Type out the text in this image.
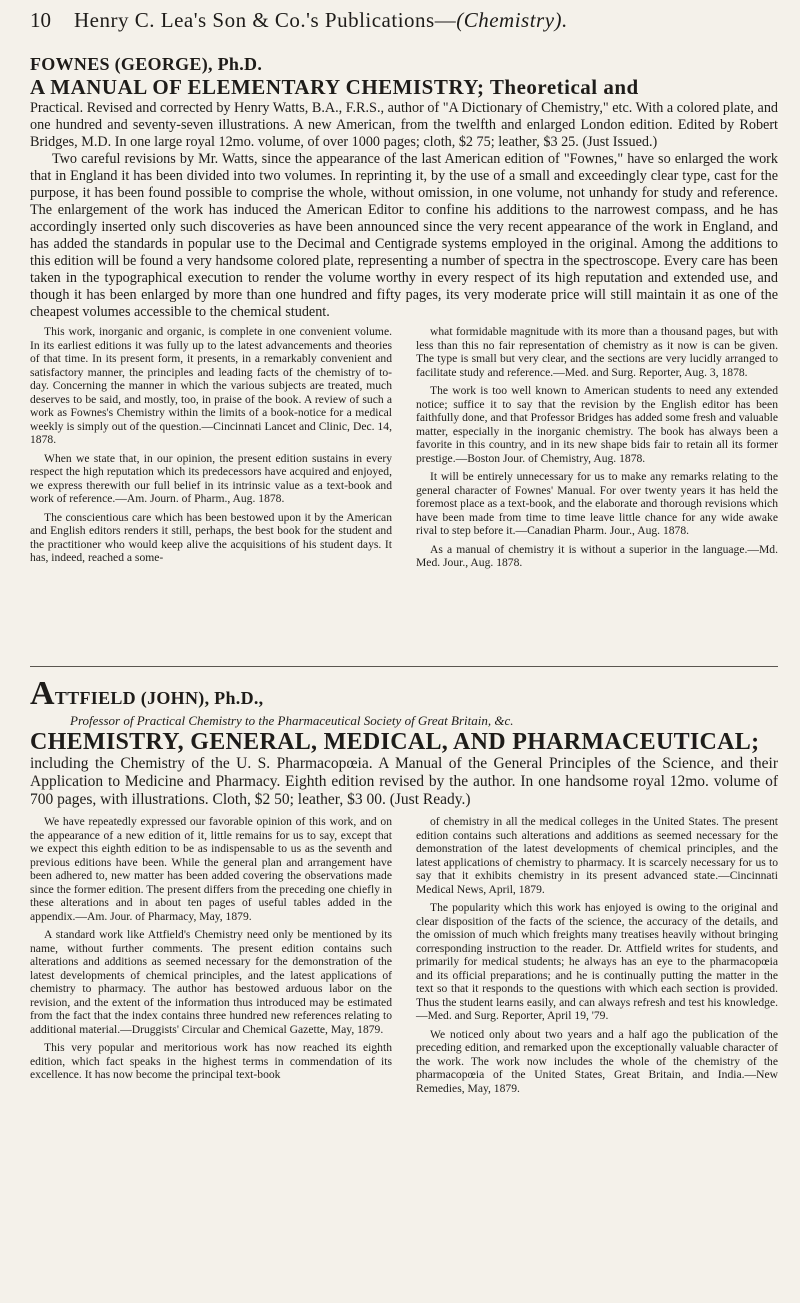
10 Henry C. Lea's Son & Co.'s Publications—(Chemistry).
FOWNES (GEORGE), Ph.D.
A MANUAL OF ELEMENTARY CHEMISTRY; Theoretical and

Practical. Revised and corrected by Henry Watts, B.A., F.R.S., author of "A Dictionary of Chemistry," etc. With a colored plate, and one hundred and seventy-seven illustrations. A new American, from the twelfth and enlarged London edition. Edited by Robert Bridges, M.D. In one large royal 12mo. volume, of over 1000 pages; cloth, $2 75; leather, $3 25. (Just Issued.)

Two careful revisions by Mr. Watts, since the appearance of the last American edition of "Fownes," have so enlarged the work that in England it has been divided into two volumes. In reprinting it, by the use of a small and exceedingly clear type, cast for the purpose, it has been found possible to comprise the whole, without omission, in one volume, not unhandy for study and reference. The enlargement of the work has induced the American Editor to confine his additions to the narrowest compass, and he has accordingly inserted only such discoveries as have been announced since the very recent appearance of the work in England, and has added the standards in popular use to the Decimal and Centigrade systems employed in the original. Among the additions to this edition will be found a very handsome colored plate, representing a number of spectra in the spectroscope. Every care has been taken in the typographical execution to render the volume worthy in every respect of its high reputation and extended use, and though it has been enlarged by more than one hundred and fifty pages, its very moderate price will still maintain it as one of the cheapest volumes accessible to the chemical student.

This work, inorganic and organic, is complete in one convenient volume. In its earliest editions it was fully up to the latest advancements and theories of that time. In its present form, it presents, in a remarkably convenient and satisfactory manner, the principles and leading facts of the chemistry of to-day. Concerning the manner in which the various subjects are treated, much deserves to be said, and mostly, too, in praise of the book. A review of such a work as Fownes's Chemistry within the limits of a book-notice for a medical weekly is simply out of the question.—Cincinnati Lancet and Clinic, Dec. 14, 1878.

When we state that, in our opinion, the present edition sustains in every respect the high reputation which its predecessors have acquired and enjoyed, we express therewith our full belief in its intrinsic value as a text-book and work of reference.—Am. Journ. of Pharm., Aug. 1878.

The conscientious care which has been bestowed upon it by the American and English editors renders it still, perhaps, the best book for the student and the practitioner who would keep alive the acquisitions of his student days. It has, indeed, reached a some-

what formidable magnitude with its more than a thousand pages, but with less than this no fair representation of chemistry as it now is can be given. The type is small but very clear, and the sections are very lucidly arranged to facilitate study and reference.—Med. and Surg. Reporter, Aug. 3, 1878.

The work is too well known to American students to need any extended notice; suffice it to say that the revision by the English editor has been faithfully done, and that Professor Bridges has added some fresh and valuable matter, especially in the inorganic chemistry. The book has always been a favorite in this country, and in its new shape bids fair to retain all its former prestige.—Boston Jour. of Chemistry, Aug. 1878.

It will be entirely unnecessary for us to make any remarks relating to the general character of Fownes' Manual. For over twenty years it has held the foremost place as a text-book, and the elaborate and thorough revisions which have been made from time to time leave little chance for any wide awake rival to step before it.—Canadian Pharm. Jour., Aug. 1878.

As a manual of chemistry it is without a superior in the language.—Md. Med. Jour., Aug. 1878.

ATTFIELD (JOHN), Ph.D.,
Professor of Practical Chemistry to the Pharmaceutical Society of Great Britain, &c.
CHEMISTRY, GENERAL, MEDICAL, AND PHARMACEUTICAL;

including the Chemistry of the U. S. Pharmacopœia. A Manual of the General Principles of the Science, and their Application to Medicine and Pharmacy. Eighth edition revised by the author. In one handsome royal 12mo. volume of 700 pages, with illustrations. Cloth, $2 50; leather, $3 00. (Just Ready.)

We have repeatedly expressed our favorable opinion of this work, and on the appearance of a new edition of it, little remains for us to say, except that we expect this eighth edition to be as indispensable to us as the seventh and previous editions have been. While the general plan and arrangement have been adhered to, new matter has been added covering the observations made since the former edition. The present differs from the preceding one chiefly in these alterations and in about ten pages of useful tables added in the appendix.—Am. Jour. of Pharmacy, May, 1879.

A standard work like Attfield's Chemistry need only be mentioned by its name, without further comments. The present edition contains such alterations and additions as seemed necessary for the demonstration of the latest developments of chemical principles, and the latest applications of chemistry to pharmacy. The author has bestowed arduous labor on the revision, and the extent of the information thus introduced may be estimated from the fact that the index contains three hundred new references relating to additional material.—Druggists' Circular and Chemical Gazette, May, 1879.

This very popular and meritorious work has now reached its eighth edition, which fact speaks in the highest terms in commendation of its excellence. It has now become the principal text-book

of chemistry in all the medical colleges in the United States. The present edition contains such alterations and additions as seemed necessary for the demonstration of the latest developments of chemical principles, and the latest applications of chemistry to pharmacy. It is scarcely necessary for us to say that it exhibits chemistry in its present advanced state.—Cincinnati Medical News, April, 1879.

The popularity which this work has enjoyed is owing to the original and clear disposition of the facts of the science, the accuracy of the details, and the omission of much which freights many treatises heavily without bringing corresponding instruction to the reader. Dr. Attfield writes for students, and primarily for medical students; he always has an eye to the pharmacopœia and its official preparations; and he is continually putting the matter in the text so that it responds to the questions with which each section is provided. Thus the student learns easily, and can always refresh and test his knowledge.—Med. and Surg. Reporter, April 19, '79.

We noticed only about two years and a half ago the publication of the preceding edition, and remarked upon the exceptionally valuable character of the work. The work now includes the whole of the chemistry of the pharmacopœia of the United States, Great Britain, and India.—New Remedies, May, 1879.
